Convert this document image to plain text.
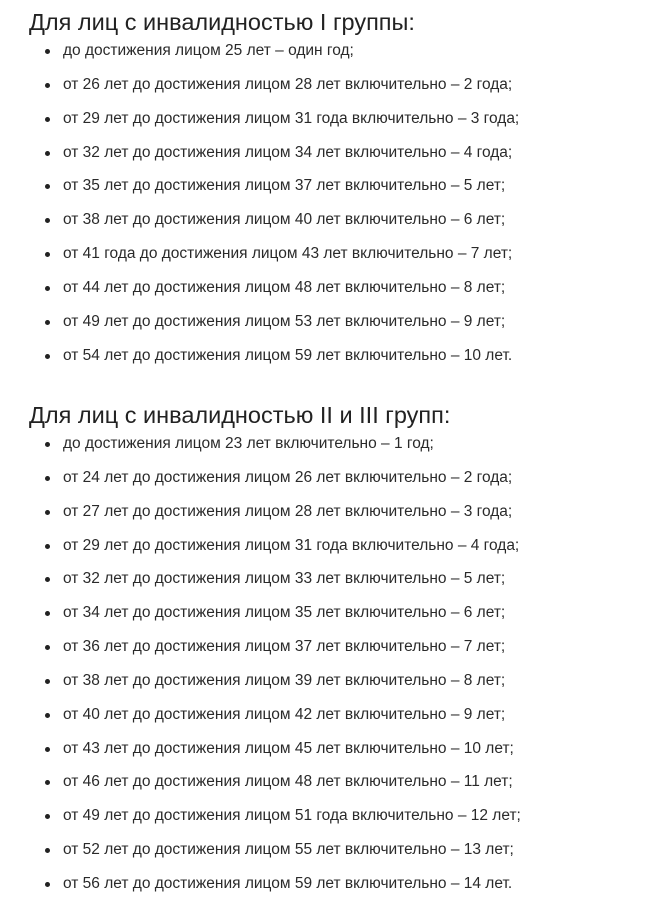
Для лиц с инвалидностью I группы:
до достижения лицом 25 лет – один год;
от 26 лет до достижения лицом 28 лет включительно – 2 года;
от 29 лет до достижения лицом 31 года включительно – 3 года;
от 32 лет до достижения лицом 34 лет включительно – 4 года;
от 35 лет до достижения лицом 37 лет включительно – 5 лет;
от 38 лет до достижения лицом 40 лет включительно – 6 лет;
от 41 года до достижения лицом 43 лет включительно – 7 лет;
от 44 лет до достижения лицом 48 лет включительно – 8 лет;
от 49 лет до достижения лицом 53 лет включительно – 9 лет;
от 54 лет до достижения лицом 59 лет включительно – 10 лет.
Для лиц с инвалидностью II и III групп:
до достижения лицом 23 лет включительно – 1 год;
от 24 лет до достижения лицом 26 лет включительно – 2 года;
от 27 лет до достижения лицом 28 лет включительно – 3 года;
от 29 лет до достижения лицом 31 года включительно – 4 года;
от 32 лет до достижения лицом 33 лет включительно – 5 лет;
от 34 лет до достижения лицом 35 лет включительно – 6 лет;
от 36 лет до достижения лицом 37 лет включительно – 7 лет;
от 38 лет до достижения лицом 39 лет включительно – 8 лет;
от 40 лет до достижения лицом 42 лет включительно – 9 лет;
от 43 лет до достижения лицом 45 лет включительно – 10 лет;
от 46 лет до достижения лицом 48 лет включительно – 11 лет;
от 49 лет до достижения лицом 51 года включительно – 12 лет;
от 52 лет до достижения лицом 55 лет включительно – 13 лет;
от 56 лет до достижения лицом 59 лет включительно – 14 лет.
